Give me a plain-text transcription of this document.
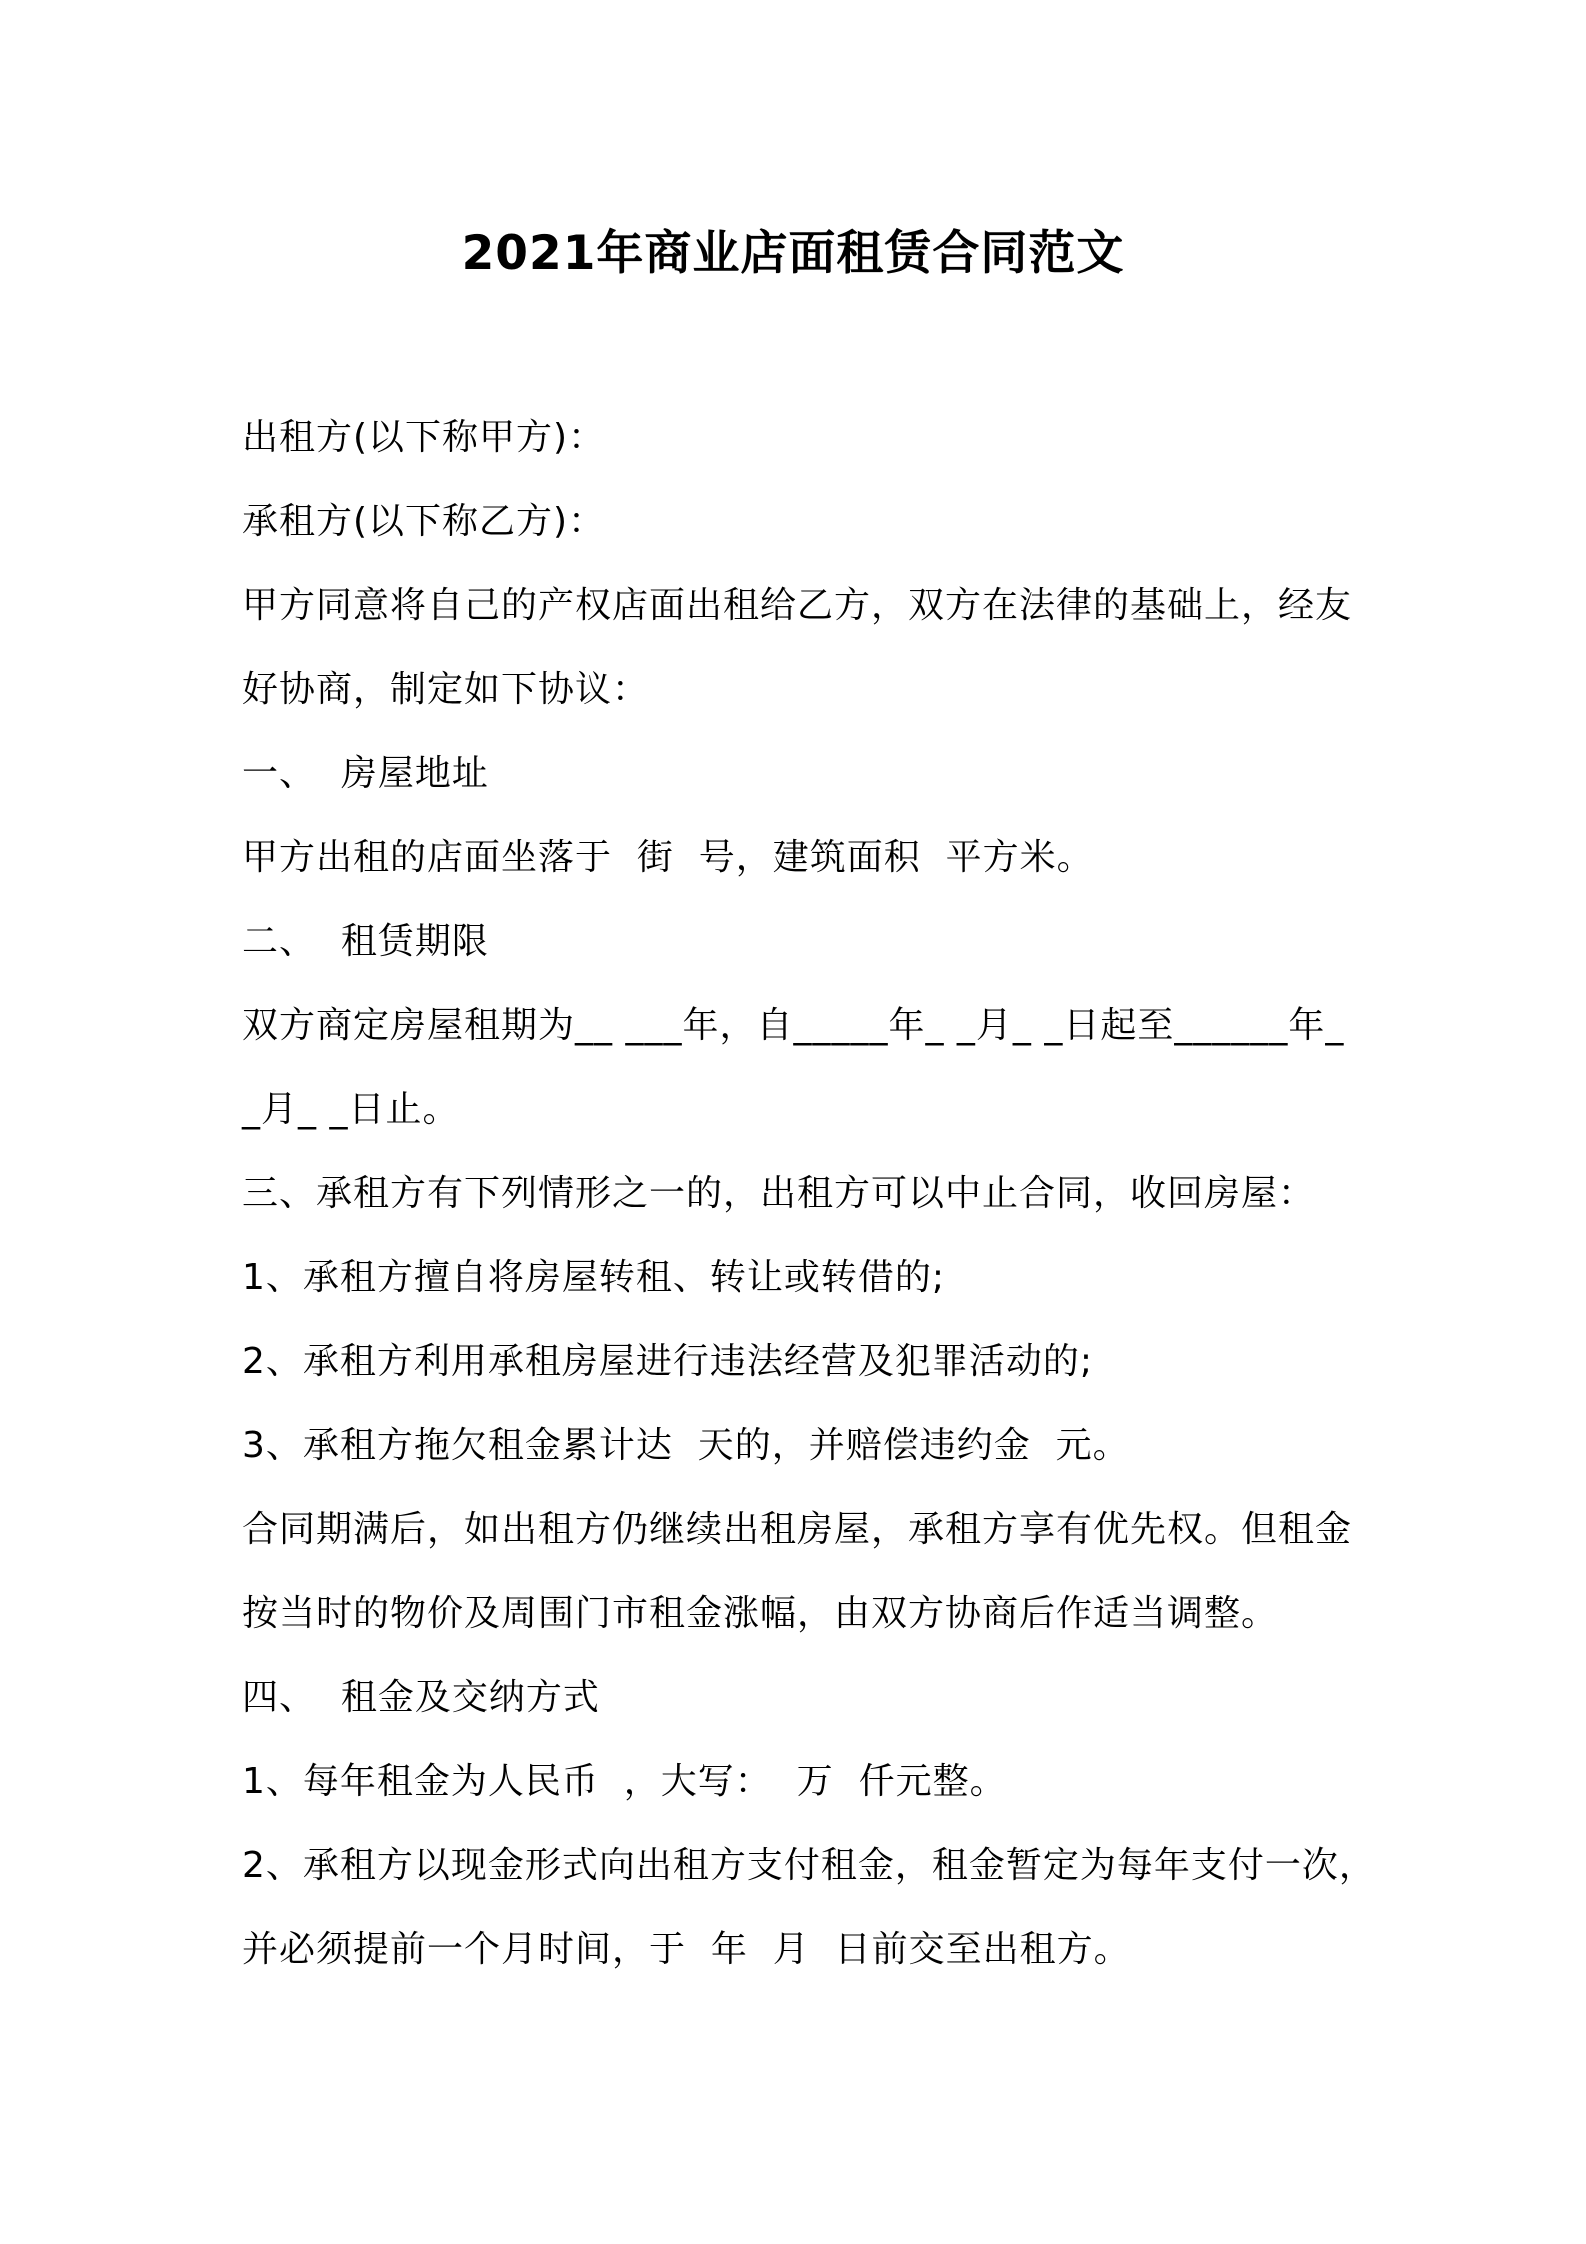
2021年商业店面租赁合同范文
出租方(以下称甲方)：
承租方(以下称乙方)：
甲方同意将自己的产权店面出租给乙方，双方在法律的基础上，经友
好协商，制定如下协议：
一、  房屋地址
甲方出租的店面坐落于  街  号，建筑面积  平方米。
二、  租赁期限
双方商定房屋租期为__ ___年，自_____年_ _月_ _日起至______年_
_月_ _日止。
三、承租方有下列情形之一的，出租方可以中止合同，收回房屋：
1、承租方擅自将房屋转租、转让或转借的;
2、承租方利用承租房屋进行违法经营及犯罪活动的;
3、承租方拖欠租金累计达  天的，并赔偿违约金  元。
合同期满后，如出租方仍继续出租房屋，承租方享有优先权。但租金
按当时的物价及周围门市租金涨幅，由双方协商后作适当调整。
四、  租金及交纳方式
1、每年租金为人民币  ，大写：  万  仟元整。
2、承租方以现金形式向出租方支付租金，租金暂定为每年支付一次，
并必须提前一个月时间，于  年  月  日前交至出租方。
